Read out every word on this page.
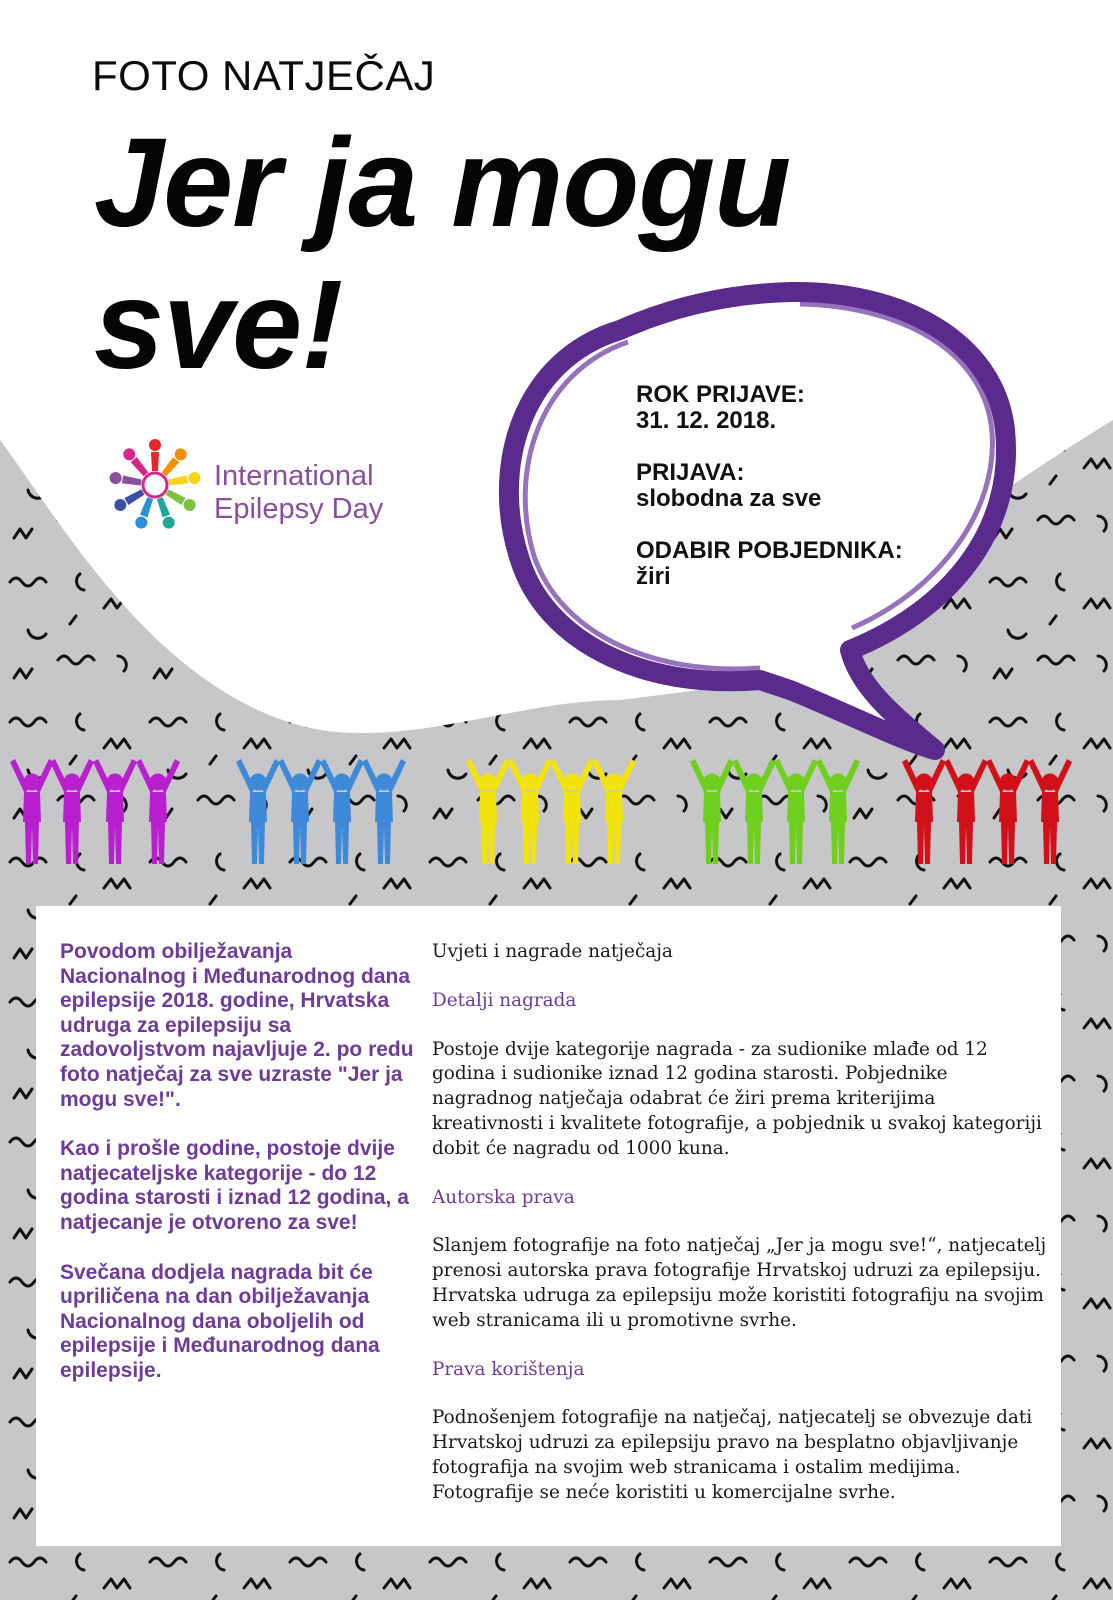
FOTO NATJEČAJ
Jer ja mogu
sve!
International
Epilepsy Day
ROK PRIJAVE:
31. 12. 2018.
PRIJAVA:
slobodna za sve
ODABIR POBJEDNIKA:
žiri

Povodom obilježavanja Nacionalnog i Međunarodnog dana epilepsije 2018. godine, Hrvatska udruga za epilepsiju sa zadovoljstvom najavljuje 2. po redu foto natječaj za sve uzraste "Jer ja mogu sve!".

Kao i prošle godine, postoje dvije natjecateljske kategorije - do 12 godina starosti i iznad 12 godina, a natjecanje je otvoreno za sve!

Svečana dodjela nagrada bit će upriličena na dan obilježavanja Nacionalnog dana oboljelih od epilepsije i Međunarodnog dana epilepsije.

Uvjeti i nagrade natječaja
Detalji nagrada

Postoje dvije kategorije nagrada - za sudionike mlađe od 12 godina i sudionike iznad 12 godina starosti. Pobjednike nagradnog natječaja odabrat će žiri prema kriterijima kreativnosti i kvalitete fotografije, a pobjednik u svakoj kategoriji dobit će nagradu od 1000 kuna.

Autorska prava

Slanjem fotografije na foto natječaj „Jer ja mogu sve!“, natjecatelj prenosi autorska prava fotografije Hrvatskoj udruzi za epilepsiju. Hrvatska udruga za epilepsiju može koristiti fotografiju na svojim web stranicama ili u promotivne svrhe.

Prava korištenja

Podnošenjem fotografije na natječaj, natjecatelj se obvezuje dati Hrvatskoj udruzi za epilepsiju pravo na besplatno objavljivanje fotografija na svojim web stranicama i ostalim medijima. Fotografije se neće koristiti u komercijalne svrhe.
